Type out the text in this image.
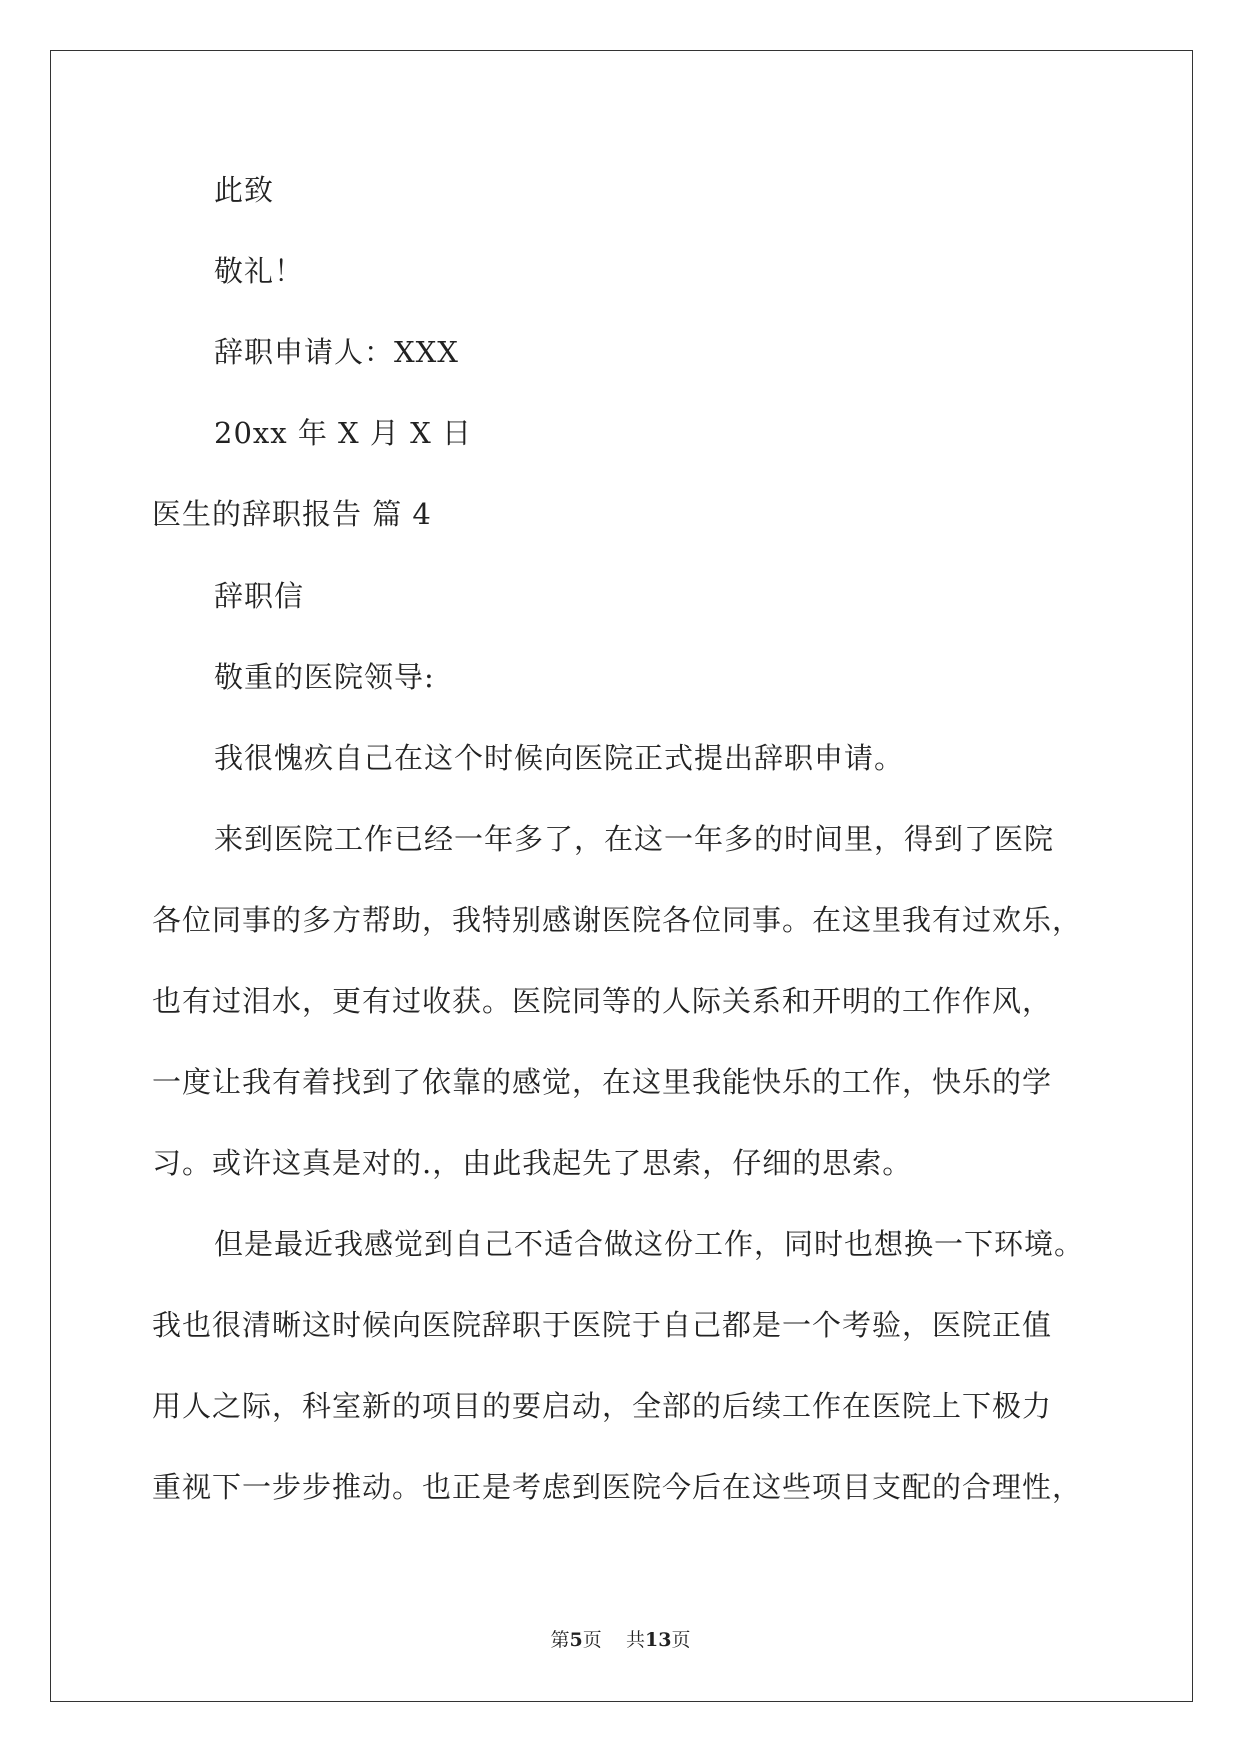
此致
敬礼！
辞职申请人：XXX
20xx 年 X 月 X 日
医生的辞职报告 篇 4
辞职信
敬重的医院领导:
我很愧疚自己在这个时候向医院正式提出辞职申请。
来到医院工作已经一年多了，在这一年多的时间里，得到了医院
各位同事的多方帮助，我特别感谢医院各位同事。在这里我有过欢乐，
也有过泪水，更有过收获。医院同等的人际关系和开明的工作作风，
一度让我有着找到了依靠的感觉，在这里我能快乐的工作，快乐的学
习。或许这真是对的.，由此我起先了思索，仔细的思索。
但是最近我感觉到自己不适合做这份工作，同时也想换一下环境。
我也很清晰这时候向医院辞职于医院于自己都是一个考验，医院正值
用人之际，科室新的项目的要启动，全部的后续工作在医院上下极力
重视下一步步推动。也正是考虑到医院今后在这些项目支配的合理性，
第5页 共13页
